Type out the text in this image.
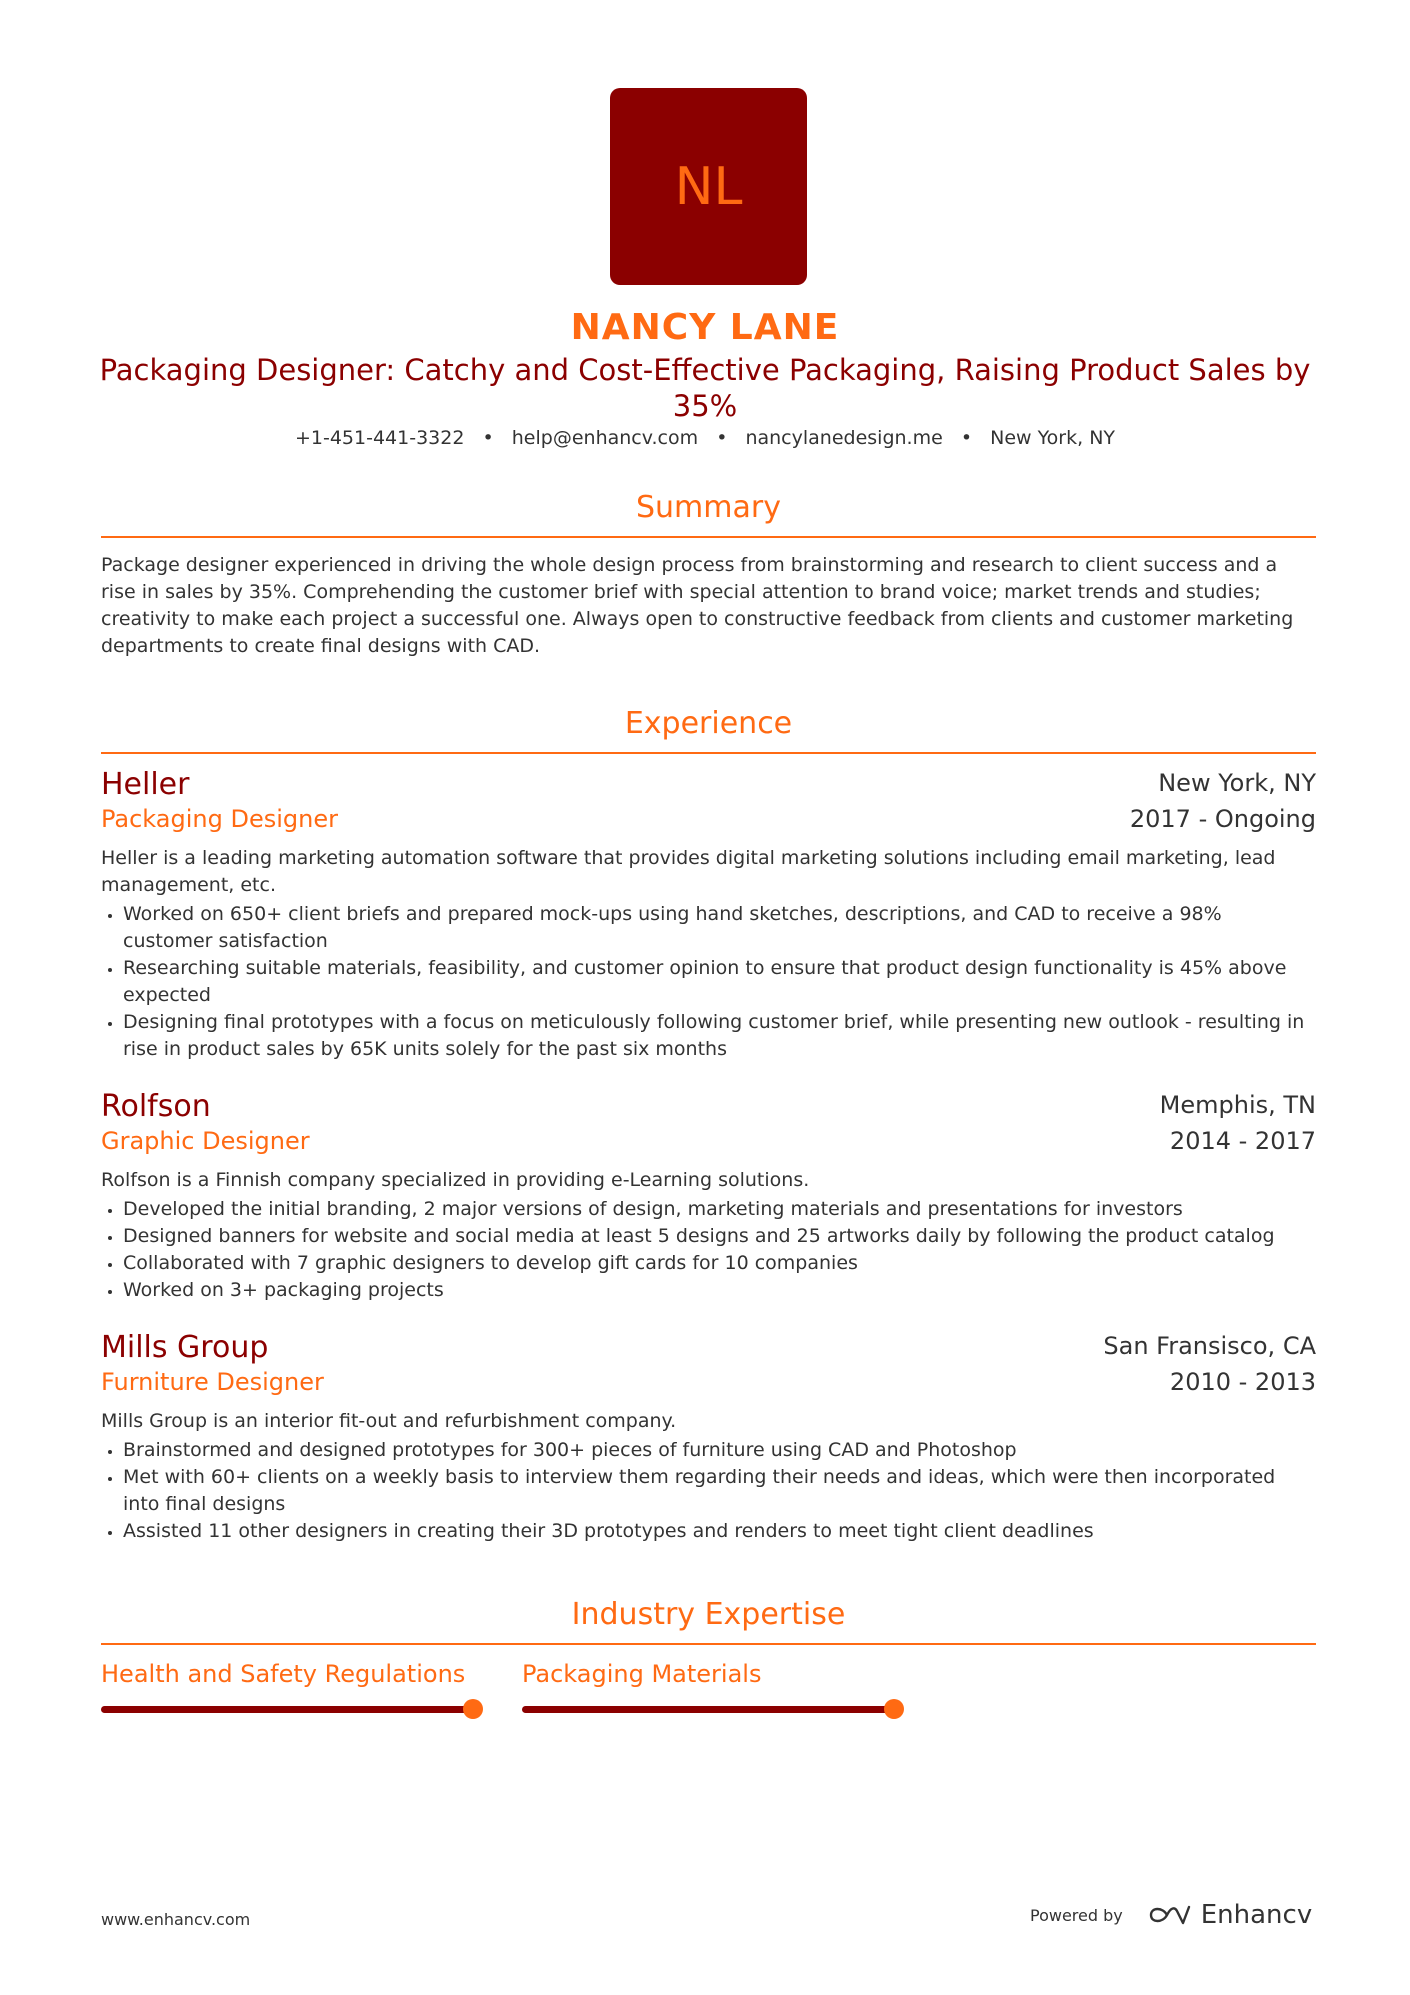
NL
NANCY LANE
Packaging Designer: Catchy and Cost-Effective Packaging, Raising Product Sales by 35%
+1-451-441-3322 • help@enhancv.com • nancylanedesign.me • New York, NY
Summary
Package designer experienced in driving the whole design process from brainstorming and research to client success and a rise in sales by 35%. Comprehending the customer brief with special attention to brand voice; market trends and studies; creativity to make each project a successful one. Always open to constructive feedback from clients and customer marketing departments to create final designs with CAD.
Experience
Heller	New York, NY
Packaging Designer	2017 - Ongoing
Heller is a leading marketing automation software that provides digital marketing solutions including email marketing, lead management, etc.
• Worked on 650+ client briefs and prepared mock-ups using hand sketches, descriptions, and CAD to receive a 98% customer satisfaction
• Researching suitable materials, feasibility, and customer opinion to ensure that product design functionality is 45% above expected
• Designing final prototypes with a focus on meticulously following customer brief, while presenting new outlook - resulting in rise in product sales by 65K units solely for the past six months
Rolfson	Memphis, TN
Graphic Designer	2014 - 2017
Rolfson is a Finnish company specialized in providing e-Learning solutions.
• Developed the initial branding, 2 major versions of design, marketing materials and presentations for investors
• Designed banners for website and social media at least 5 designs and 25 artworks daily by following the product catalog
• Collaborated with 7 graphic designers to develop gift cards for 10 companies
• Worked on 3+ packaging projects
Mills Group	San Fransisco, CA
Furniture Designer	2010 - 2013
Mills Group is an interior fit-out and refurbishment company.
• Brainstormed and designed prototypes for 300+ pieces of furniture using CAD and Photoshop
• Met with 60+ clients on a weekly basis to interview them regarding their needs and ideas, which were then incorporated into final designs
• Assisted 11 other designers in creating their 3D prototypes and renders to meet tight client deadlines
Industry Expertise
Health and Safety Regulations	Packaging Materials
www.enhancv.com	Powered by	Enhancv
